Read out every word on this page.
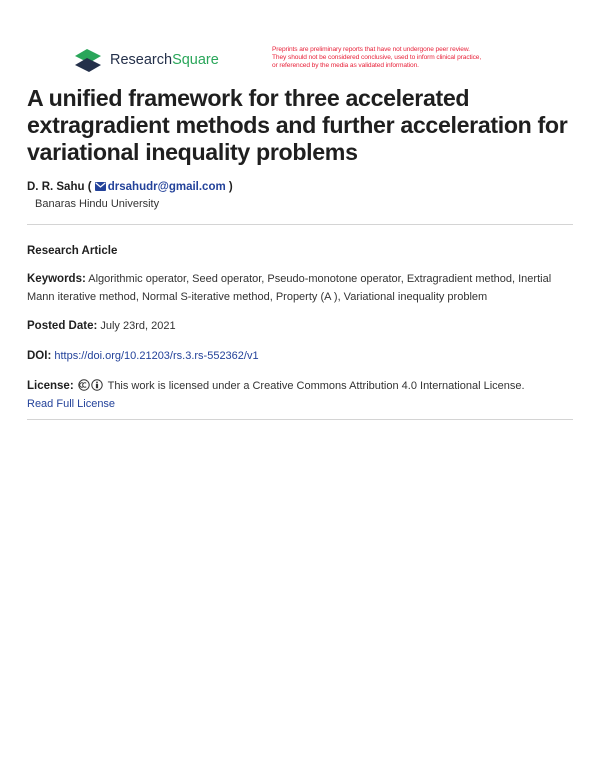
ResearchSquare
Preprints are preliminary reports that have not undergone peer review.
They should not be considered conclusive, used to inform clinical practice,
or referenced by the media as validated information.
A unified framework for three accelerated extragradient methods and further acceleration for variational inequality problems
D. R. Sahu ( drsahudr@gmail.com )
Banaras Hindu University
Research Article
Keywords: Algorithmic operator, Seed operator, Pseudo-monotone operator, Extragradient method, Inertial Mann iterative method, Normal S-iterative method, Property (A ), Variational inequality problem
Posted Date: July 23rd, 2021
DOI: https://doi.org/10.21203/rs.3.rs-552362/v1
License:	This work is licensed under a Creative Commons Attribution 4.0 International License.
Read Full License
